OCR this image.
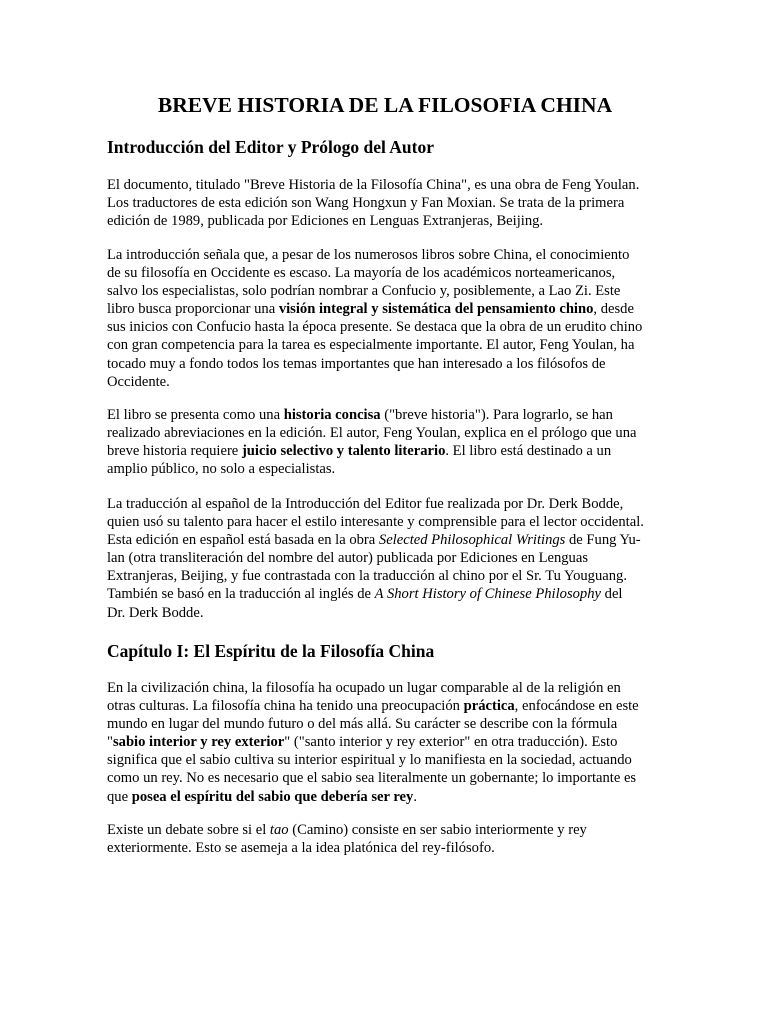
BREVE HISTORIA DE LA FILOSOFIA CHINA
Introducción del Editor y Prólogo del Autor

El documento, titulado "Breve Historia de la Filosofía China", es una obra de Feng Youlan.
Los traductores de esta edición son Wang Hongxun y Fan Moxian. Se trata de la primera
edición de 1989, publicada por Ediciones en Lenguas Extranjeras, Beijing.

La introducción señala que, a pesar de los numerosos libros sobre China, el conocimiento
de su filosofía en Occidente es escaso. La mayoría de los académicos norteamericanos,
salvo los especialistas, solo podrían nombrar a Confucio y, posiblemente, a Lao Zi. Este
libro busca proporcionar una visión integral y sistemática del pensamiento chino, desde
sus inicios con Confucio hasta la época presente. Se destaca que la obra de un erudito chino
con gran competencia para la tarea es especialmente importante. El autor, Feng Youlan, ha
tocado muy a fondo todos los temas importantes que han interesado a los filósofos de
Occidente.

El libro se presenta como una historia concisa ("breve historia"). Para lograrlo, se han
realizado abreviaciones en la edición. El autor, Feng Youlan, explica en el prólogo que una
breve historia requiere juicio selectivo y talento literario. El libro está destinado a un
amplio público, no solo a especialistas.

La traducción al español de la Introducción del Editor fue realizada por Dr. Derk Bodde,
quien usó su talento para hacer el estilo interesante y comprensible para el lector occidental.
Esta edición en español está basada en la obra Selected Philosophical Writings de Fung Yu-
lan (otra transliteración del nombre del autor) publicada por Ediciones en Lenguas
Extranjeras, Beijing, y fue contrastada con la traducción al chino por el Sr. Tu Youguang.
También se basó en la traducción al inglés de A Short History of Chinese Philosophy del
Dr. Derk Bodde.

Capítulo I: El Espíritu de la Filosofía China

En la civilización china, la filosofía ha ocupado un lugar comparable al de la religión en
otras culturas. La filosofía china ha tenido una preocupación práctica, enfocándose en este
mundo en lugar del mundo futuro o del más allá. Su carácter se describe con la fórmula
"sabio interior y rey exterior" ("santo interior y rey exterior" en otra traducción). Esto
significa que el sabio cultiva su interior espiritual y lo manifiesta en la sociedad, actuando
como un rey. No es necesario que el sabio sea literalmente un gobernante; lo importante es
que posea el espíritu del sabio que debería ser rey.

Existe un debate sobre si el tao (Camino) consiste en ser sabio interiormente y rey
exteriormente. Esto se asemeja a la idea platónica del rey-filósofo.
